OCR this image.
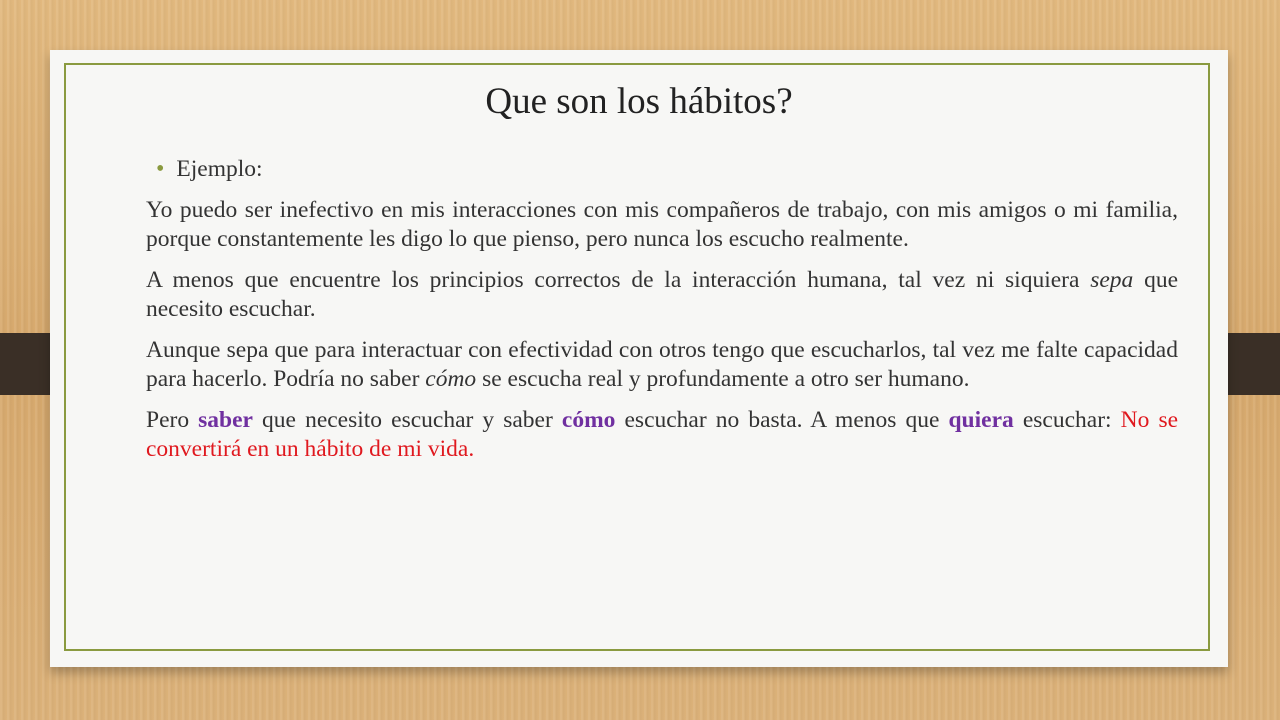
Que son los hábitos?
• Ejemplo:

Yo puedo ser inefectivo en mis interacciones con mis compañeros de trabajo, con mis amigos o mi familia, porque constantemente les digo lo que pienso, pero nunca los escucho realmente.

A menos que encuentre los principios correctos de la interacción humana, tal vez ni siquiera sepa que necesito escuchar.

Aunque sepa que para interactuar con efectividad con otros tengo que escucharlos, tal vez me falte capacidad para hacerlo. Podría no saber cómo se escucha real y profundamente a otro ser humano.

Pero saber que necesito escuchar y saber cómo escuchar no basta. A menos que quiera escuchar: No se convertirá en un hábito de mi vida.
